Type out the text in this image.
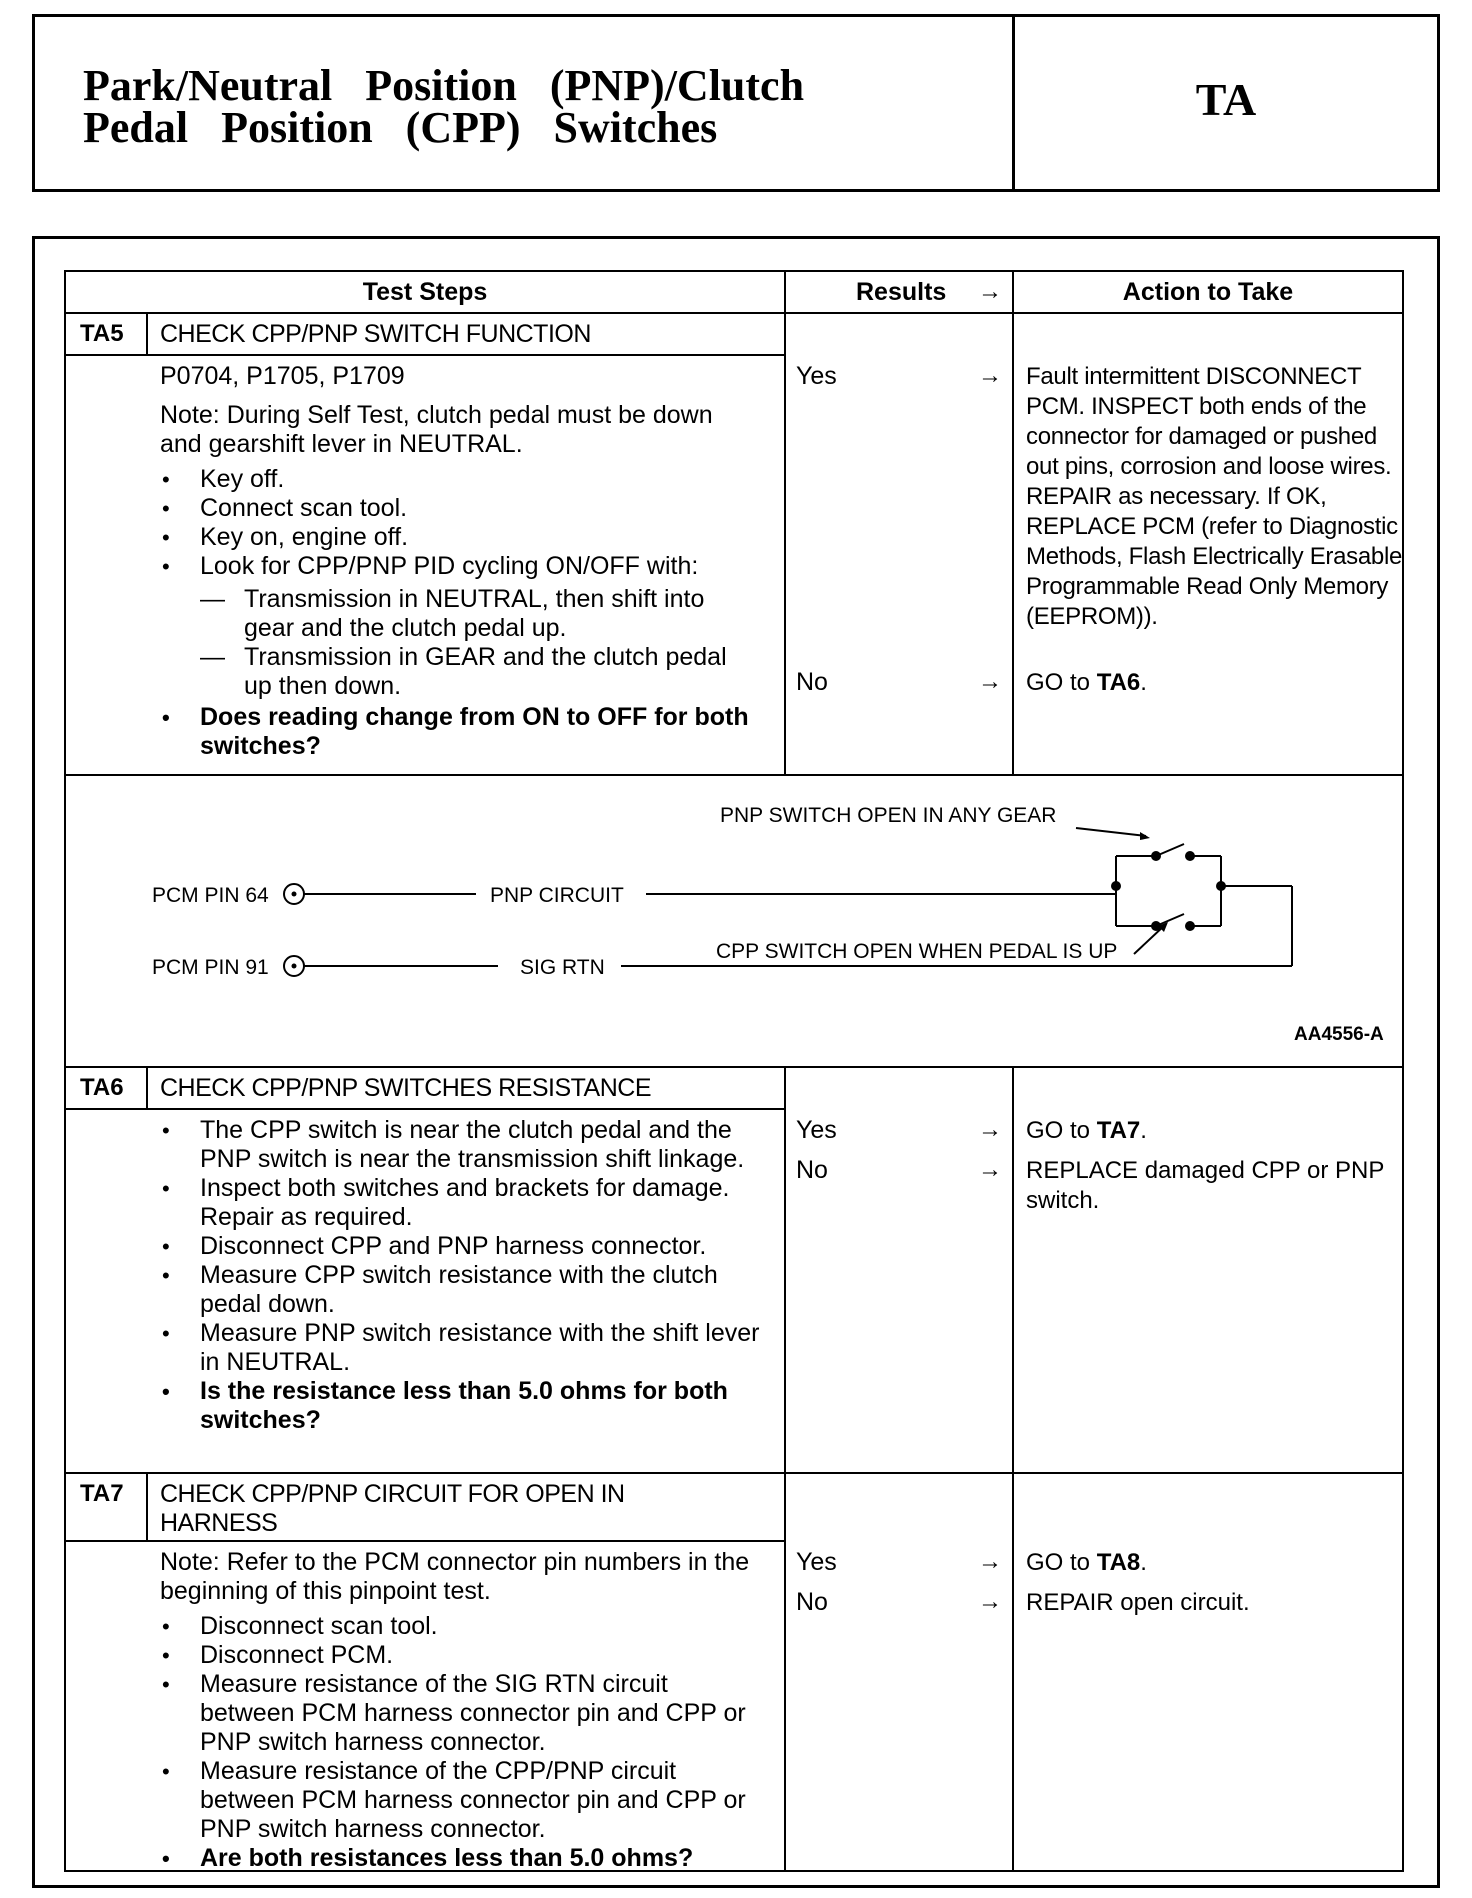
Park/Neutral   Position   (PNP)/Clutch
Pedal   Position   (CPP)   Switches
TA
Test Steps	Results →	Action to Take
TA5 CHECK CPP/PNP SWITCH FUNCTION
P0704, P1705, P1709
Note: During Self Test, clutch pedal must be down and gearshift lever in NEUTRAL.
• Key off.
• Connect scan tool.
• Key on, engine off.
• Look for CPP/PNP PID cycling ON/OFF with:
— Transmission in NEUTRAL, then shift into gear and the clutch pedal up.
— Transmission in GEAR and the clutch pedal up then down.
• Does reading change from ON to OFF for both switches?
Yes	→ Fault intermittent DISCONNECT PCM. INSPECT both ends of the connector for damaged or pushed out pins, corrosion and loose wires. REPAIR as necessary. If OK, REPLACE PCM (refer to Diagnostic Methods, Flash Electrically Erasable Programmable Read Only Memory (EEPROM)).
No	→ GO to TA6.
PNP SWITCH OPEN IN ANY GEAR
CPP SWITCH OPEN WHEN PEDAL IS UP
PCM PIN 64
PCM PIN 91
PNP CIRCUIT
SIG RTN
AA4556-A
TA6 CHECK CPP/PNP SWITCHES RESISTANCE
• The CPP switch is near the clutch pedal and the PNP switch is near the transmission shift linkage.
• Inspect both switches and brackets for damage. Repair as required.
• Disconnect CPP and PNP harness connector.
• Measure CPP switch resistance with the clutch pedal down.
• Measure PNP switch resistance with the shift lever in NEUTRAL.
• Is the resistance less than 5.0 ohms for both switches?
Yes	→ GO to TA7.
No	→ REPLACE damaged CPP or PNP switch.
TA7 CHECK CPP/PNP CIRCUIT FOR OPEN IN
HARNESS
Note: Refer to the PCM connector pin numbers in the beginning of this pinpoint test.
• Disconnect scan tool.
• Disconnect PCM.
• Measure resistance of the SIG RTN circuit between PCM harness connector pin and CPP or PNP switch harness connector.
• Measure resistance of the CPP/PNP circuit between PCM harness connector pin and CPP or PNP switch harness connector.
• Are both resistances less than 5.0 ohms?
Yes	→ GO to TA8.
No	→ REPAIR open circuit.
